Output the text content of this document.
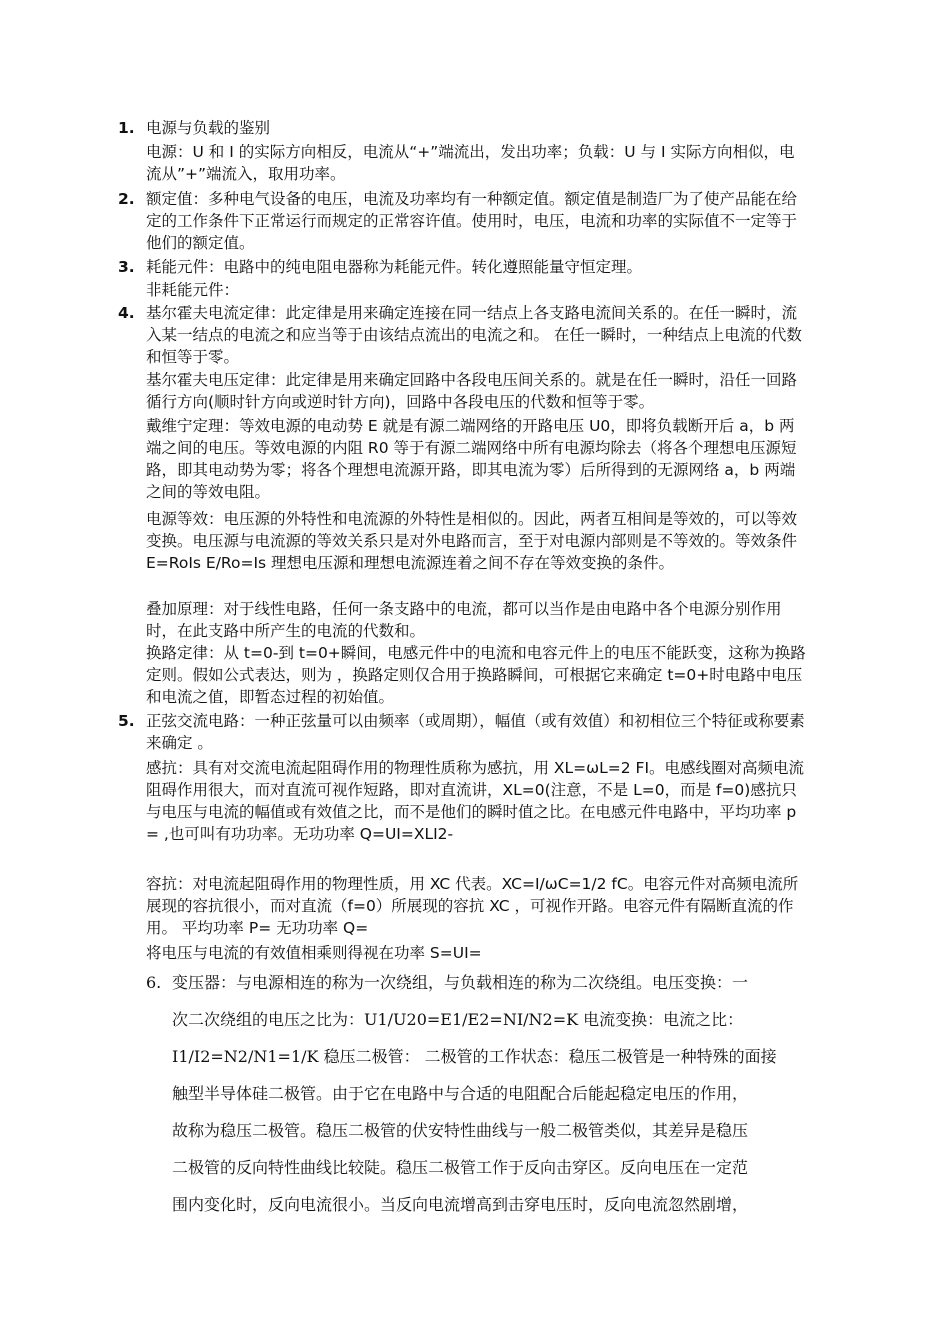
1. 电源与负载的鉴别
电源：U 和 I 的实际方向相反，电流从“+”端流出，发出功率；负载：U 与 I 实际方向相似，电流从”+”端流入，取用功率。
2. 额定值：多种电气设备的电压，电流及功率均有一种额定值。额定值是制造厂为了使产品能在给定的工作条件下正常运行而规定的正常容许值。使用时，电压，电流和功率的实际值不一定等于他们的额定值。
3. 耗能元件：电路中的纯电阻电器称为耗能元件。转化遵照能量守恒定理。
非耗能元件：
4. 基尔霍夫电流定律：此定律是用来确定连接在同一结点上各支路电流间关系的。在任一瞬时，流入某一结点的电流之和应当等于由该结点流出的电流之和。 在任一瞬时，一种结点上电流的代数和恒等于零。
基尔霍夫电压定律：此定律是用来确定回路中各段电压间关系的。就是在任一瞬时，沿任一回路循行方向(顺时针方向或逆时针方向)，回路中各段电压的代数和恒等于零。
戴维宁定理：等效电源的电动势 E 就是有源二端网络的开路电压 U0，即将负载断开后 a，b 两端之间的电压。等效电源的内阻 R0 等于有源二端网络中所有电源均除去（将各个理想电压源短路，即其电动势为零；将各个理想电流源开路，即其电流为零）后所得到的无源网络 a，b 两端之间的等效电阻。
电源等效：电压源的外特性和电流源的外特性是相似的。因此，两者互相间是等效的，可以等效变换。电压源与电流源的等效关系只是对外电路而言，至于对电源内部则是不等效的。等效条件 E=RoIs E/Ro=Is 理想电压源和理想电流源连着之间不存在等效变换的条件。
叠加原理：对于线性电路，任何一条支路中的电流，都可以当作是由电路中各个电源分别作用时，在此支路中所产生的电流的代数和。
换路定律：从 t=0-到 t=0+瞬间，电感元件中的电流和电容元件上的电压不能跃变，这称为换路定则。假如公式表达，则为 ，换路定则仅合用于换路瞬间，可根据它来确定 t=0+时电路中电压和电流之值，即暂态过程的初始值。
5. 正弦交流电路：一种正弦量可以由频率（或周期），幅值（或有效值）和初相位三个特征或称要素来确定 。
感抗：具有对交流电流起阻碍作用的物理性质称为感抗，用 XL=ωL=2 FI。电感线圈对高频电流阻碍作用很大，而对直流可视作短路，即对直流讲，XL=0(注意，不是 L=0，而是 f=0)感抗只与电压与电流的幅值或有效值之比，而不是他们的瞬时值之比。在电感元件电路中，平均功率 p= ,也可叫有功功率。无功功率 Q=UI=XLI2-
容抗：对电流起阻碍作用的物理性质，用 XC 代表。XC=I/ωC=1/2 fC。电容元件对高频电流所展现的容抗很小，而对直流（f=0）所展现的容抗 XC ，可视作开路。电容元件有隔断直流的作用。 平均功率 P= 无功功率 Q=
将电压与电流的有效值相乘则得视在功率 S=UI=
6. 变压器：与电源相连的称为一次绕组，与负载相连的称为二次绕组。电压变换：一
次二次绕组的电压之比为：U1/U20=E1/E2=NI/N2=K 电流变换：电流之比：
I1/I2=N2/N1=1/K 稳压二极管： 二极管的工作状态：稳压二极管是一种特殊的面接
触型半导体硅二极管。由于它在电路中与合适的电阻配合后能起稳定电压的作用，
故称为稳压二极管。稳压二极管的伏安特性曲线与一般二极管类似，其差异是稳压
二极管的反向特性曲线比较陡。稳压二极管工作于反向击穿区。反向电压在一定范
围内变化时，反向电流很小。当反向电流增高到击穿电压时，反向电流忽然剧增，
